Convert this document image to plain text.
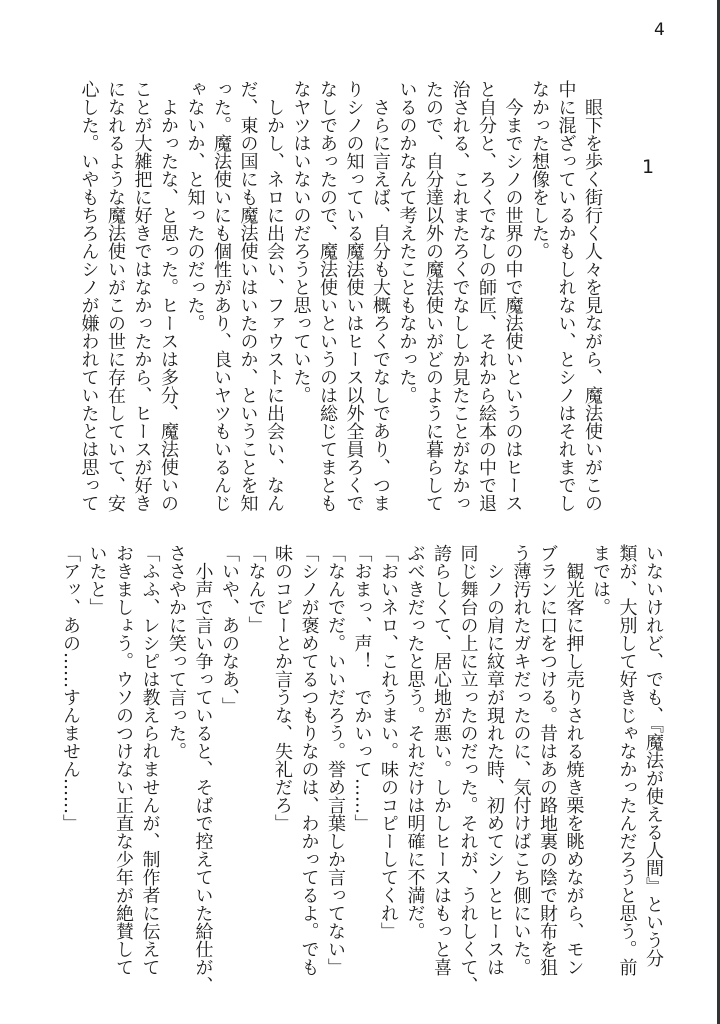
4
1
　眼下を歩く街行く人々を見ながら、魔法使いがこの
中に混ざっているかもしれない、とシノはそれまでし
なかった想像をした。
　今までシノの世界の中で魔法使いというのはヒース
と自分と、ろくでなしの師匠、それから絵本の中で退
治される、これまたろくでなししか見たことがなかっ
たので、自分達以外の魔法使いがどのように暮らして
いるのかなんて考えたこともなかった。
　さらに言えば、自分も大概ろくでなしであり、つま
りシノの知っている魔法使いはヒース以外全員ろくで
なしであったので、魔法使いというのは総じてまとも
なヤツはいないのだろうと思っていた。
　しかし、ネロに出会い、ファウストに出会い、なん
だ、東の国にも魔法使いはいたのか、ということを知
った。魔法使いにも個性があり、良いヤツもいるんじ
ゃないか、と知ったのだった。
　よかったな、と思った。ヒースは多分、魔法使いの
ことが大雑把に好きではなかったから、ヒースが好き
になれるような魔法使いがこの世に存在していて、安
心した。いやもちろんシノが嫌われていたとは思って
いないけれど、でも、『魔法が使える人間』という分
類が、大別して好きじゃなかったんだろうと思う。前
までは。
　観光客に押し売りされる焼き栗を眺めながら、モン
ブランに口をつける。昔はあの路地裏の陰で財布を狙
う薄汚れたガキだったのに、気付けばこち側にいた。
　シノの肩に紋章が現れた時、初めてシノとヒースは
同じ舞台の上に立ったのだった。それが、うれしくて、
誇らしくて、居心地が悪い。しかしヒースはもっと喜
ぶべきだったと思う。それだけは明確に不満だ。
「おいネロ、これうまい。味のコピーしてくれ」
「おまっ、声！　でかいって……」
「なんでだ。いいだろう。誉め言葉しか言ってない」
「シノが褒めてるつもりなのは、わかってるよ。でも
味のコピーとか言うな、失礼だろ」
「なんで」
「いや、あのなあ、」
　小声で言い争っていると、そばで控えていた給仕が、
ささやかに笑って言った。
「ふふ、レシピは教えられませんが、制作者に伝えて
おきましょう。ウソのつけない正直な少年が絶賛して
いたと」
「アッ、あの……すんません……」
